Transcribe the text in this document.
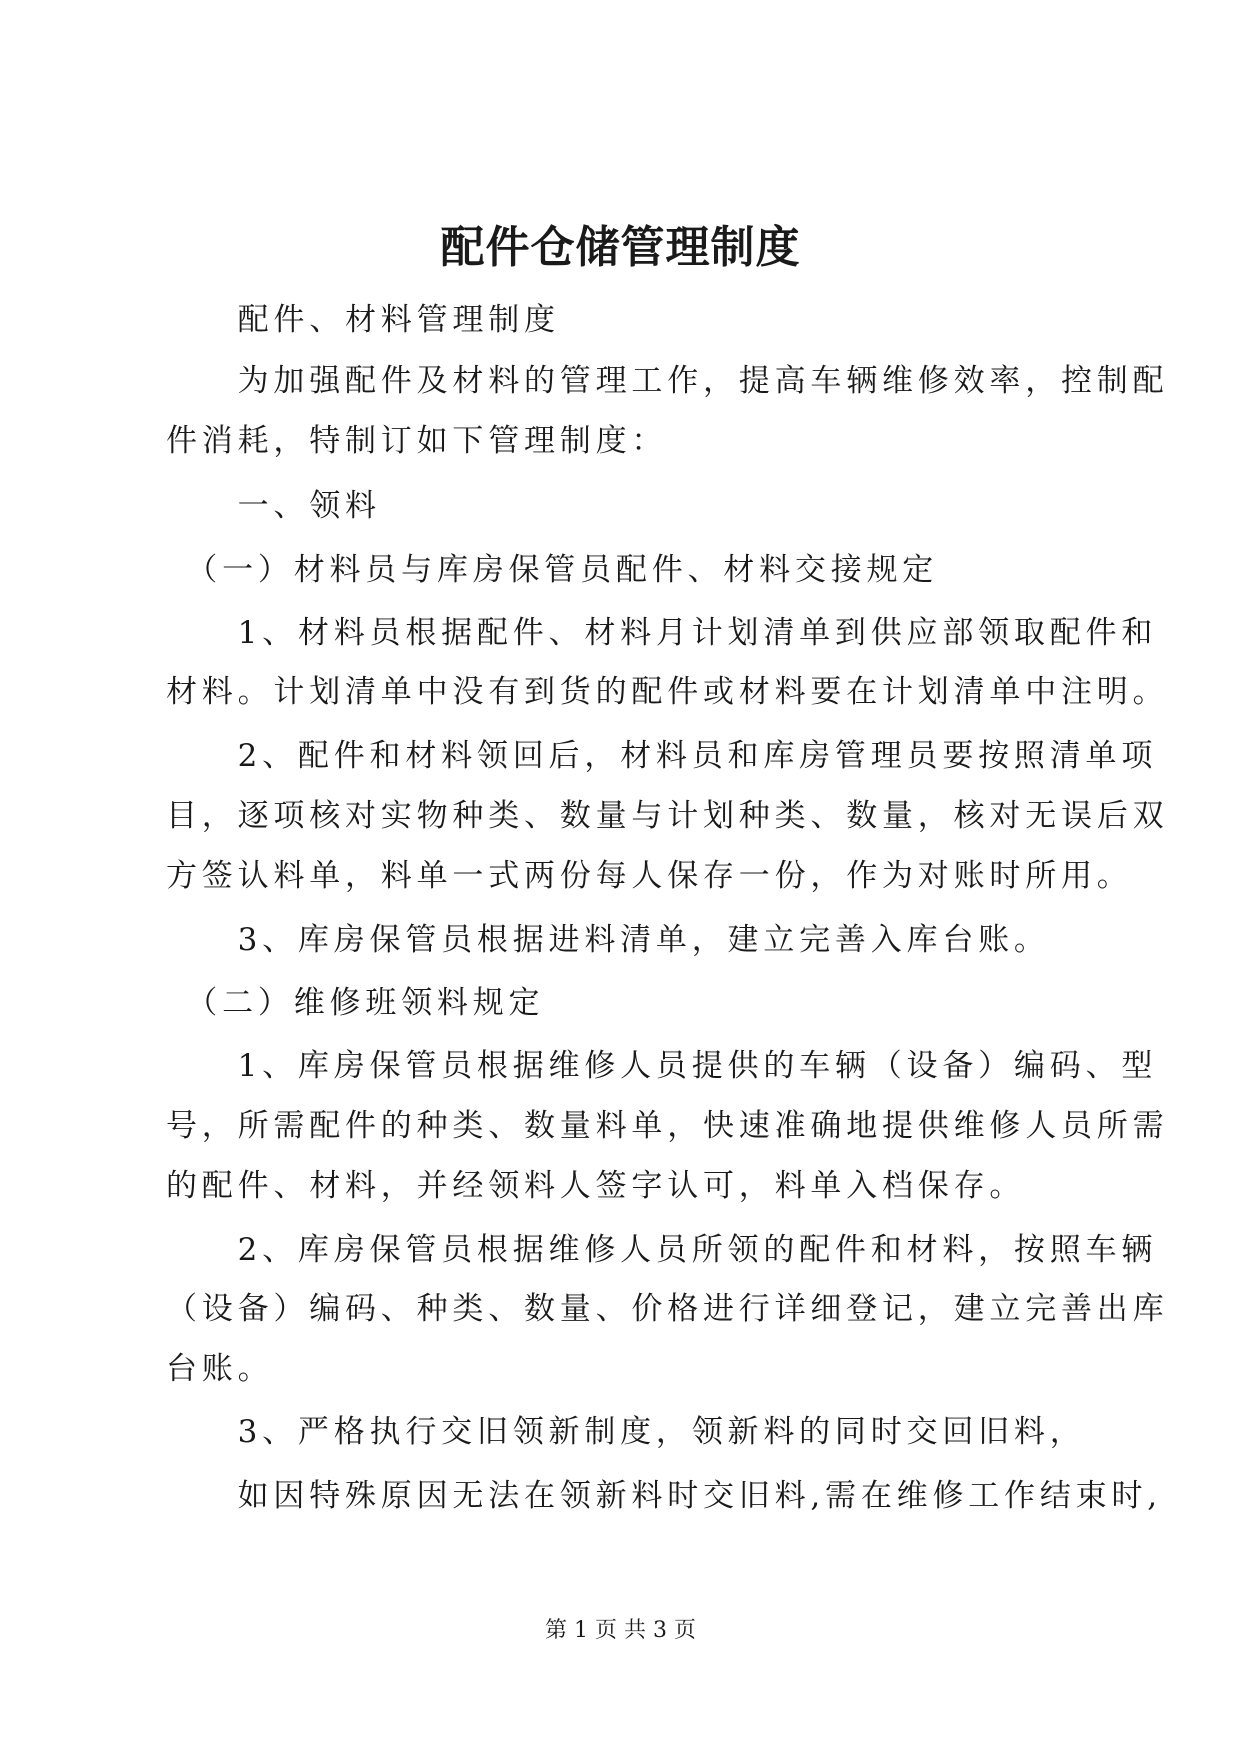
配件仓储管理制度
　　配件、材料管理制度
　　为加强配件及材料的管理工作，提高车辆维修效率，控制配
件消耗，特制订如下管理制度：
　　一、领料
　（一）材料员与库房保管员配件、材料交接规定
　　1、材料员根据配件、材料月计划清单到供应部领取配件和
材料。计划清单中没有到货的配件或材料要在计划清单中注明。
　　2、配件和材料领回后，材料员和库房管理员要按照清单项
目，逐项核对实物种类、数量与计划种类、数量，核对无误后双
方签认料单，料单一式两份每人保存一份，作为对账时所用。
　　3、库房保管员根据进料清单，建立完善入库台账。
　（二）维修班领料规定
　　1、库房保管员根据维修人员提供的车辆（设备）编码、型
号，所需配件的种类、数量料单，快速准确地提供维修人员所需
的配件、材料，并经领料人签字认可，料单入档保存。
　　2、库房保管员根据维修人员所领的配件和材料，按照车辆
（设备）编码、种类、数量、价格进行详细登记，建立完善出库
台账。
　　3、严格执行交旧领新制度，领新料的同时交回旧料，
　　如因特殊原因无法在领新料时交旧料,需在维修工作结束时,
第 1 页 共 3 页
